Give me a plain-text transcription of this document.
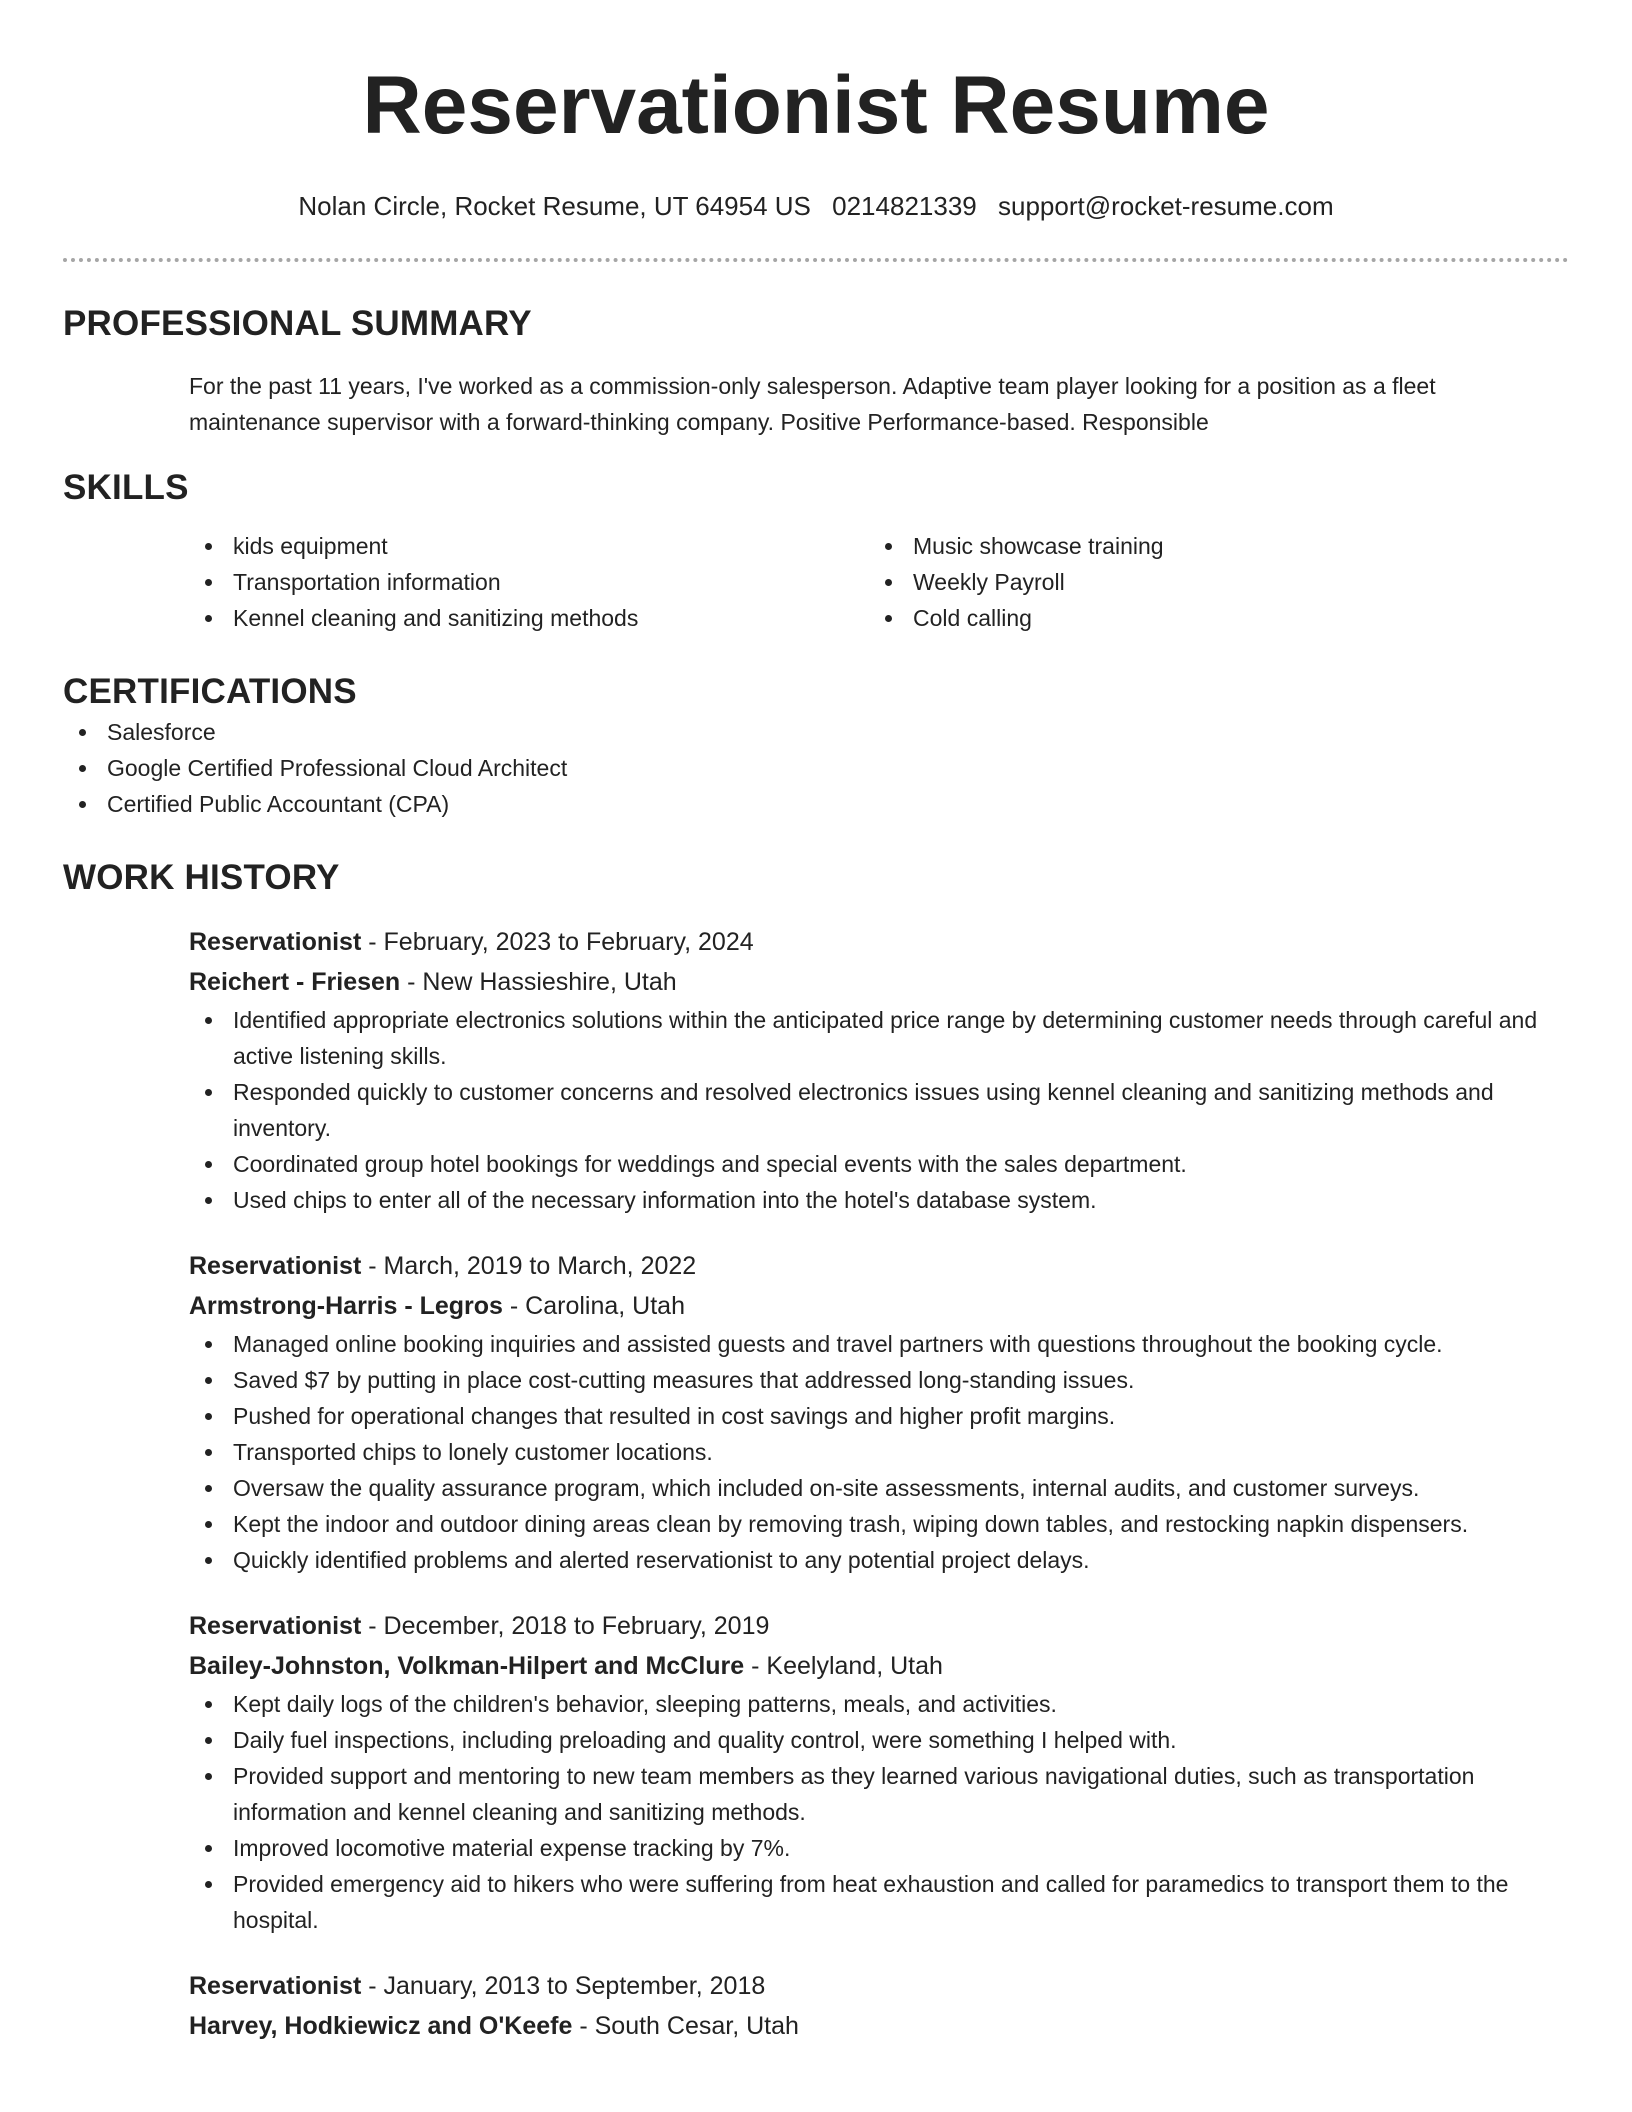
Reservationist Resume
Nolan Circle, Rocket Resume, UT 64954 US 0214821339 support@rocket-resume.com
PROFESSIONAL SUMMARY

For the past 11 years, I've worked as a commission-only salesperson. Adaptive team player looking for a position as a fleet maintenance supervisor with a forward-thinking company. Positive Performance-based. Responsible

SKILLS
kids equipment
Transportation information
Kennel cleaning and sanitizing methods
Music showcase training
Weekly Payroll
Cold calling
CERTIFICATIONS
Salesforce
Google Certified Professional Cloud Architect
Certified Public Accountant (CPA)
WORK HISTORY
Reservationist - February, 2023 to February, 2024
Reichert - Friesen - New Hassieshire, Utah
Identified appropriate electronics solutions within the anticipated price range by determining customer needs through careful and active listening skills.
Responded quickly to customer concerns and resolved electronics issues using kennel cleaning and sanitizing methods and inventory.
Coordinated group hotel bookings for weddings and special events with the sales department.
Used chips to enter all of the necessary information into the hotel's database system.
Reservationist - March, 2019 to March, 2022
Armstrong-Harris - Legros - Carolina, Utah
Managed online booking inquiries and assisted guests and travel partners with questions throughout the booking cycle.
Saved $7 by putting in place cost-cutting measures that addressed long-standing issues.
Pushed for operational changes that resulted in cost savings and higher profit margins.
Transported chips to lonely customer locations.
Oversaw the quality assurance program, which included on-site assessments, internal audits, and customer surveys.
Kept the indoor and outdoor dining areas clean by removing trash, wiping down tables, and restocking napkin dispensers.
Quickly identified problems and alerted reservationist to any potential project delays.
Reservationist - December, 2018 to February, 2019
Bailey-Johnston, Volkman-Hilpert and McClure - Keelyland, Utah
Kept daily logs of the children's behavior, sleeping patterns, meals, and activities.
Daily fuel inspections, including preloading and quality control, were something I helped with.
Provided support and mentoring to new team members as they learned various navigational duties, such as transportation information and kennel cleaning and sanitizing methods.
Improved locomotive material expense tracking by 7%.
Provided emergency aid to hikers who were suffering from heat exhaustion and called for paramedics to transport them to the hospital.
Reservationist - January, 2013 to September, 2018
Harvey, Hodkiewicz and O'Keefe - South Cesar, Utah
